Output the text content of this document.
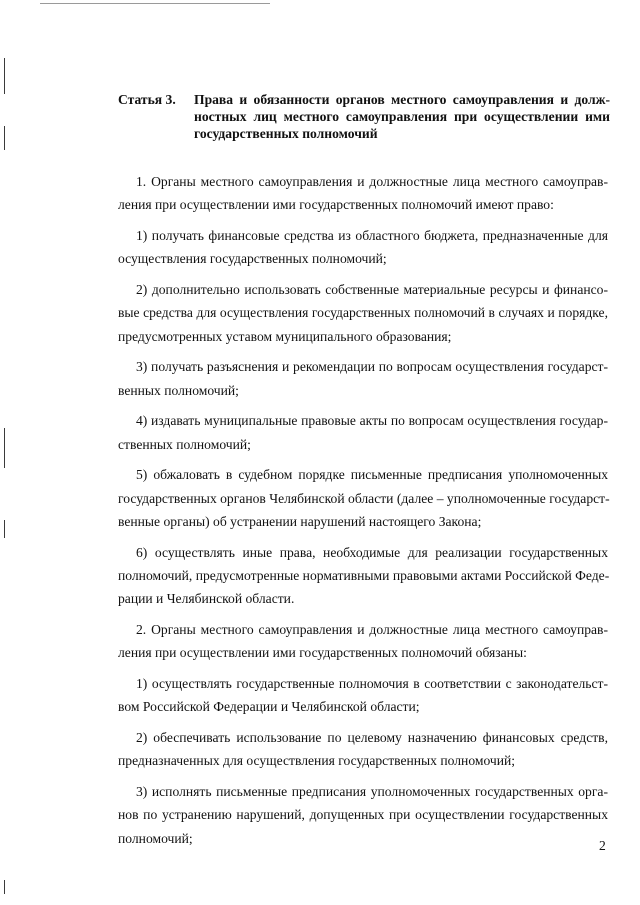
Статья 3. Права и обязанности органов местного самоуправления и долж-
ностных лиц местного самоуправления при осуществлении ими
государственных полномочий
1. Органы местного самоуправления и должностные лица местного самоуправ-
ления при осуществлении ими государственных полномочий имеют право:
1) получать финансовые средства из областного бюджета, предназначенные для
осуществления государственных полномочий;
2) дополнительно использовать собственные материальные ресурсы и финансо-
вые средства для осуществления государственных полномочий в случаях и порядке,
предусмотренных уставом муниципального образования;
3) получать разъяснения и рекомендации по вопросам осуществления государст-
венных полномочий;
4) издавать муниципальные правовые акты по вопросам осуществления государ-
ственных полномочий;
5) обжаловать в судебном порядке письменные предписания уполномоченных
государственных органов Челябинской области (далее – уполномоченные государст-
венные органы) об устранении нарушений настоящего Закона;
6) осуществлять иные права, необходимые для реализации государственных
полномочий, предусмотренные нормативными правовыми актами Российской Феде-
рации и Челябинской области.
2. Органы местного самоуправления и должностные лица местного самоуправ-
ления при осуществлении ими государственных полномочий обязаны:
1) осуществлять государственные полномочия в соответствии с законодательст-
вом Российской Федерации и Челябинской области;
2) обеспечивать использование по целевому назначению финансовых средств,
предназначенных для осуществления государственных полномочий;
3) исполнять письменные предписания уполномоченных государственных орга-
нов по устранению нарушений, допущенных при осуществлении государственных
полномочий;	2
